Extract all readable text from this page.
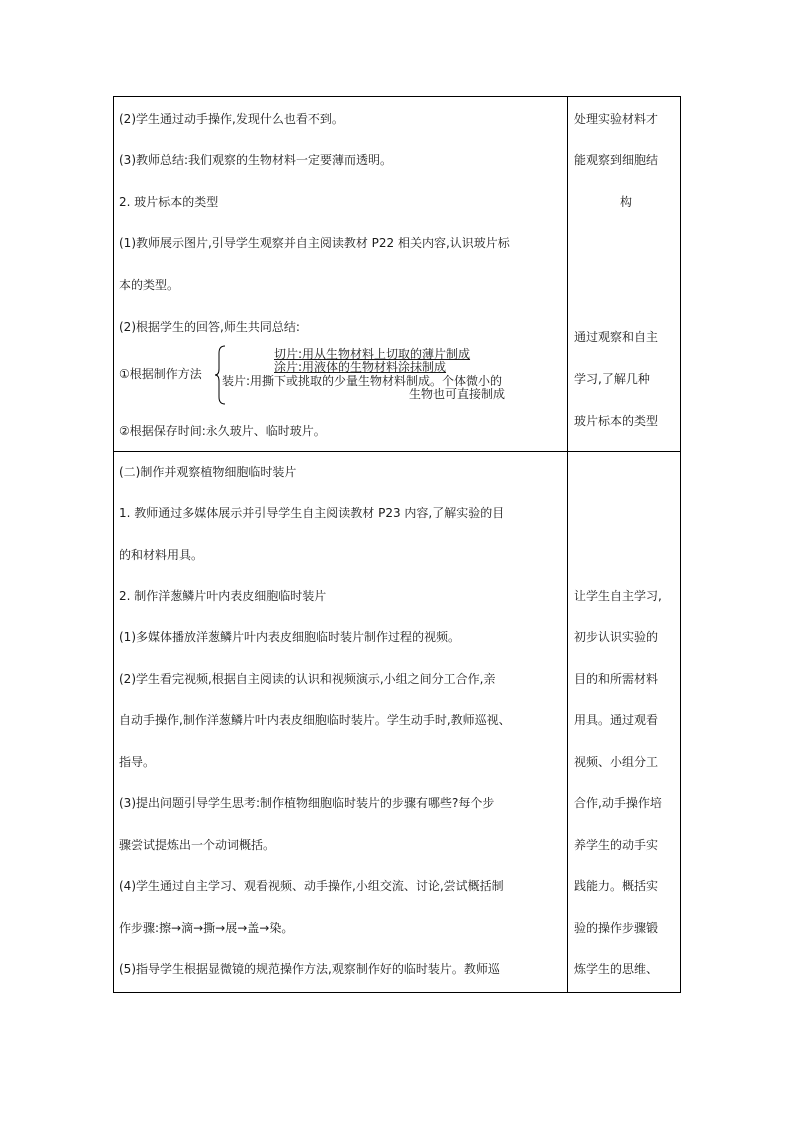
(2)学生通过动手操作,发现什么也看不到。
(3)教师总结:我们观察的生物材料一定要薄而透明。
2. 玻片标本的类型
(1)教师展示图片,引导学生观察并自主阅读教材 P22 相关内容,认识玻片标
本的类型。
(2)根据学生的回答,师生共同总结:
①根据制作方法
切片:用从生物材料上切取的薄片制成
涂片:用液体的生物材料涂抹制成
装片:用撕下或挑取的少量生物材料制成。个体微小的
生物也可直接制成
②根据保存时间:永久玻片、临时玻片。
处理实验材料才
能观察到细胞结
构
通过观察和自主
学习,了解几种
玻片标本的类型
(二)制作并观察植物细胞临时装片
1. 教师通过多媒体展示并引导学生自主阅读教材 P23 内容,了解实验的目
的和材料用具。
2. 制作洋葱鳞片叶内表皮细胞临时装片
(1)多媒体播放洋葱鳞片叶内表皮细胞临时装片制作过程的视频。
(2)学生看完视频,根据自主阅读的认识和视频演示,小组之间分工合作,亲
自动手操作,制作洋葱鳞片叶内表皮细胞临时装片。学生动手时,教师巡视、
指导。
(3)提出问题引导学生思考:制作植物细胞临时装片的步骤有哪些?每个步
骤尝试提炼出一个动词概括。
(4)学生通过自主学习、观看视频、动手操作,小组交流、讨论,尝试概括制
作步骤:擦→滴→撕→展→盖→染。
(5)指导学生根据显微镜的规范操作方法,观察制作好的临时装片。教师巡
让学生自主学习,
初步认识实验的
目的和所需材料
用具。通过观看
视频、小组分工
合作,动手操作培
养学生的动手实
践能力。概括实
验的操作步骤锻
炼学生的思维、
